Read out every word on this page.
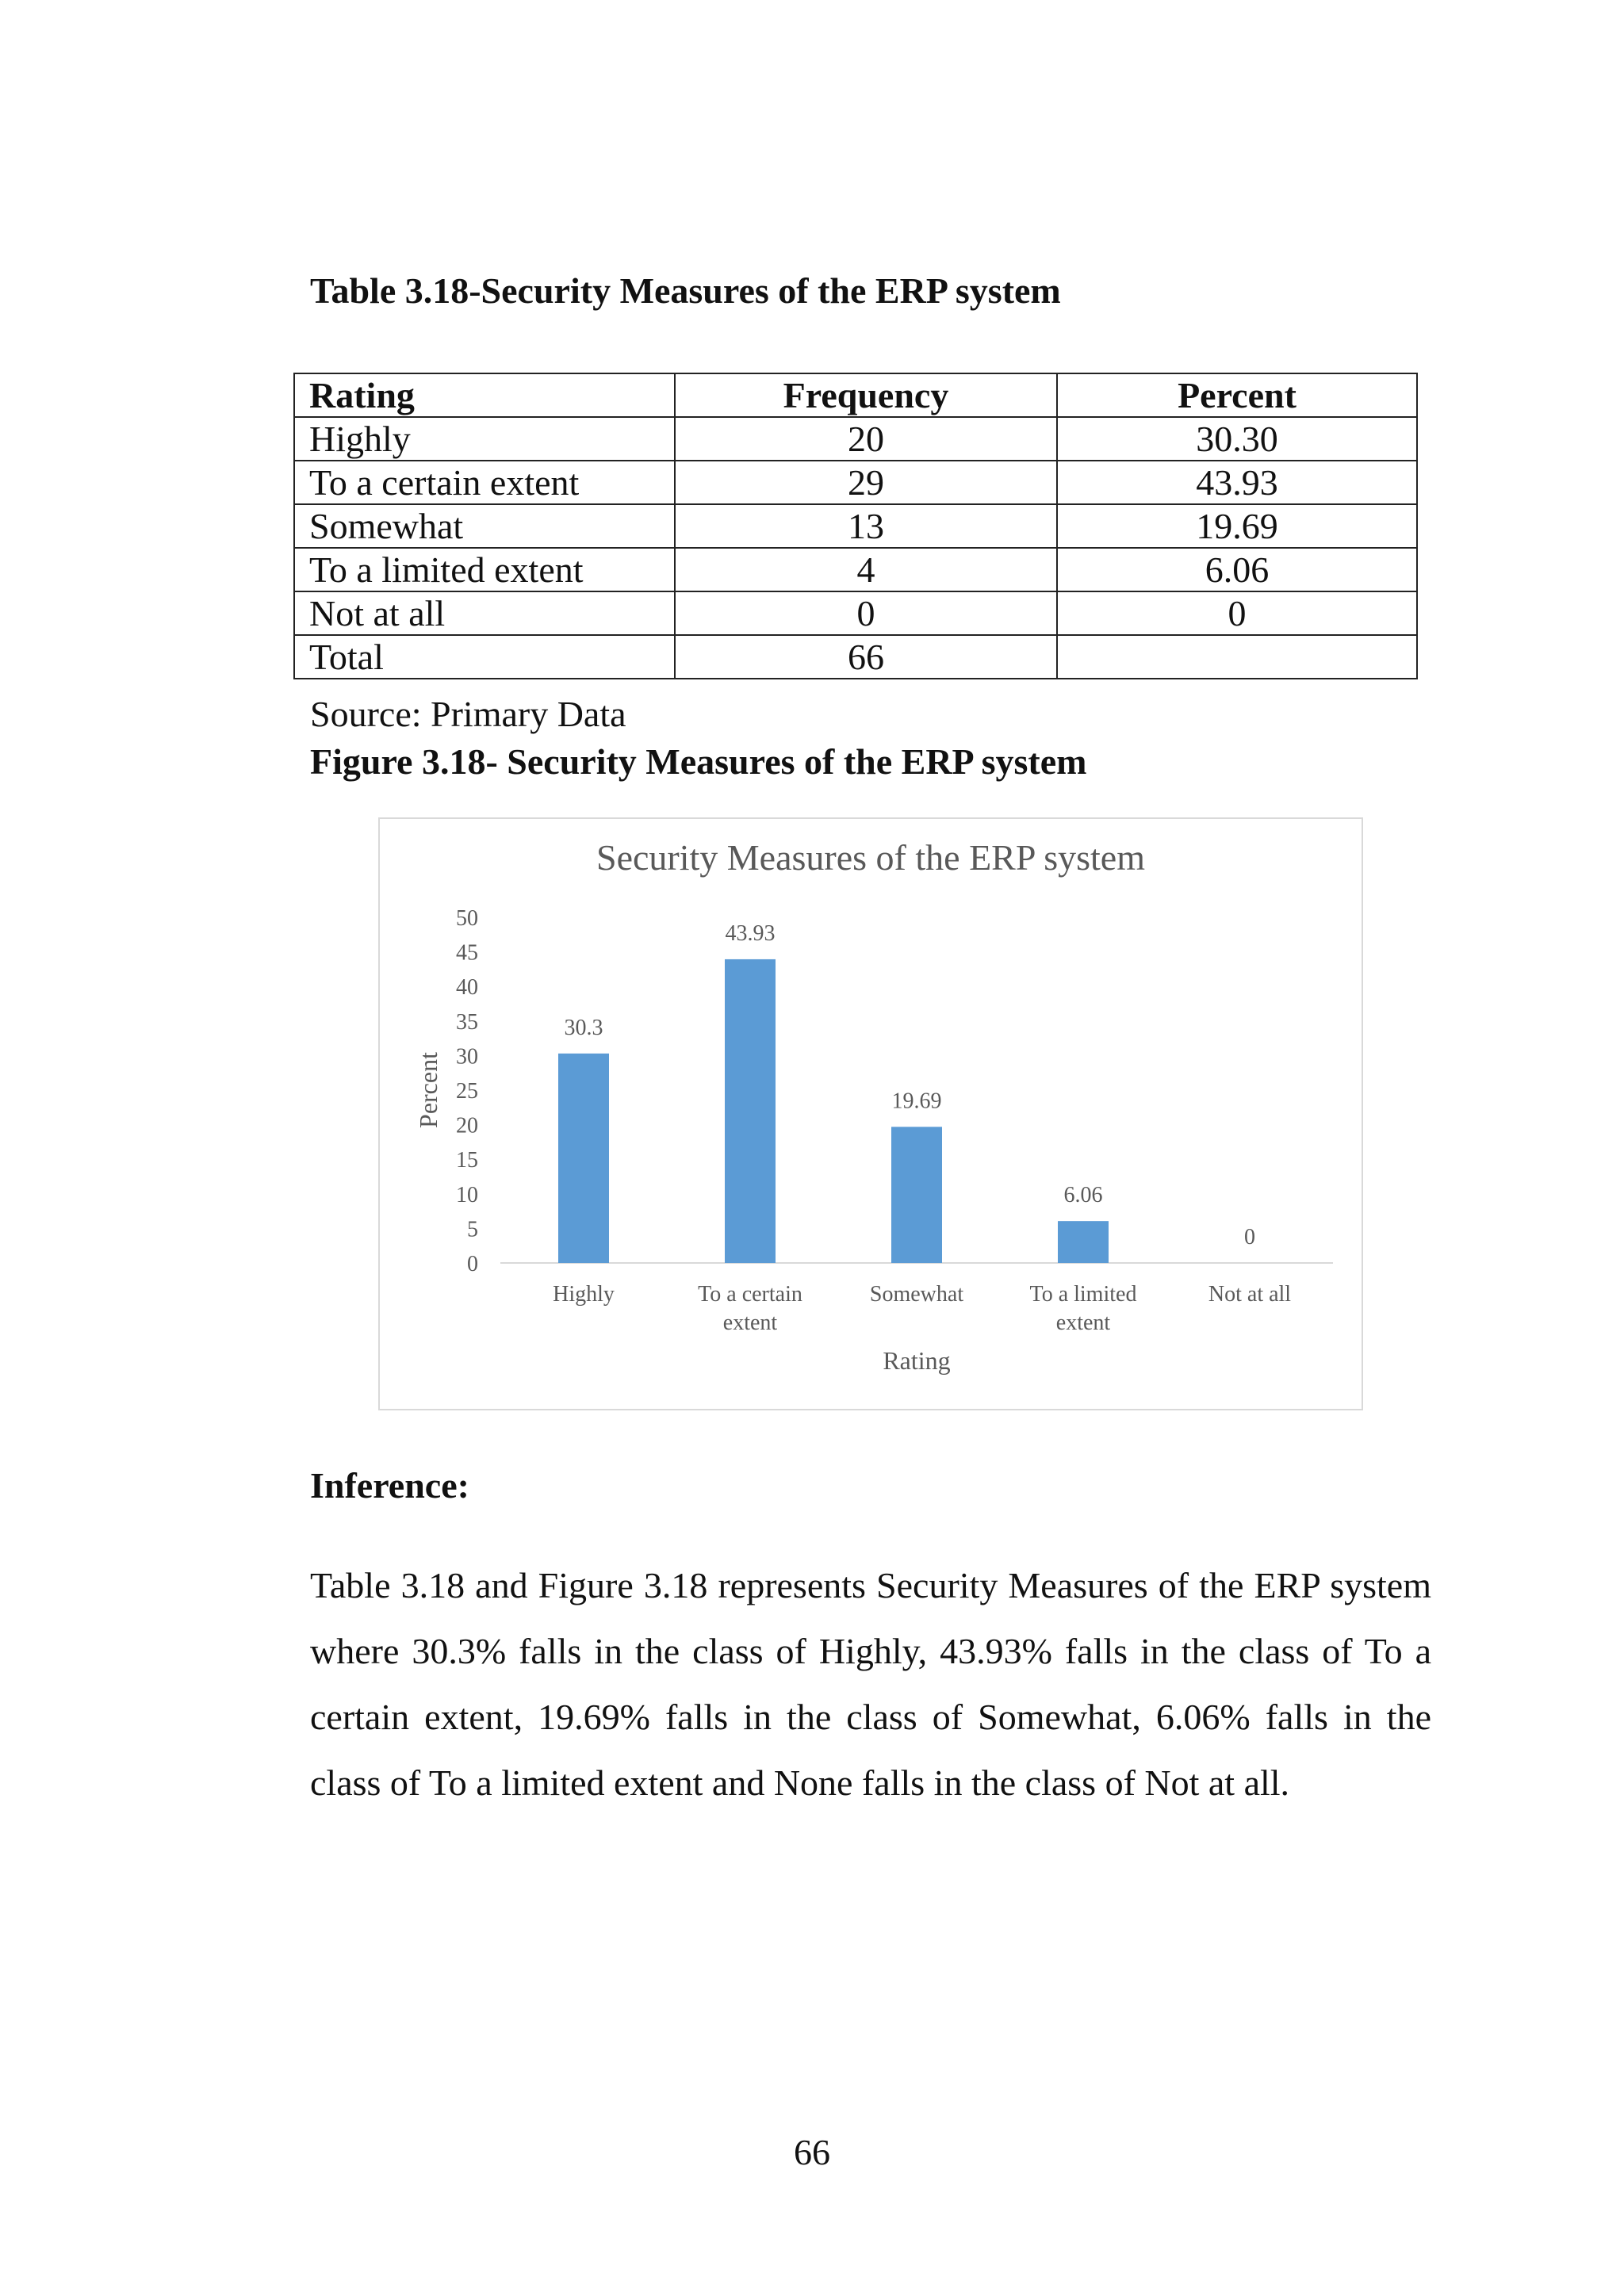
Table 3.18-Security Measures of the ERP system
Rating	Frequency	Percent
Highly	20	30.30
To a certain extent	29	43.93
Somewhat	13	19.69
To a limited extent	4	6.06
Not at all	0	0
Total	66	
Source: Primary Data
Figure 3.18- Security Measures of the ERP system
Security Measures of the ERP system
Percent
0
5
10
15
20
25
30
35
40
45
50
30.3
Highly
43.93
To a certain
extent
19.69
Somewhat
6.06
To a limited
extent
0
Not at all
Rating
Inference:
Table 3.18 and Figure 3.18 represents Security Measures of the ERP system where 30.3% falls in the class of Highly, 43.93% falls in the class of To a certain extent, 19.69% falls in the class of Somewhat, 6.06% falls in the class of To a limited extent and None falls in the class of Not at all.
66
